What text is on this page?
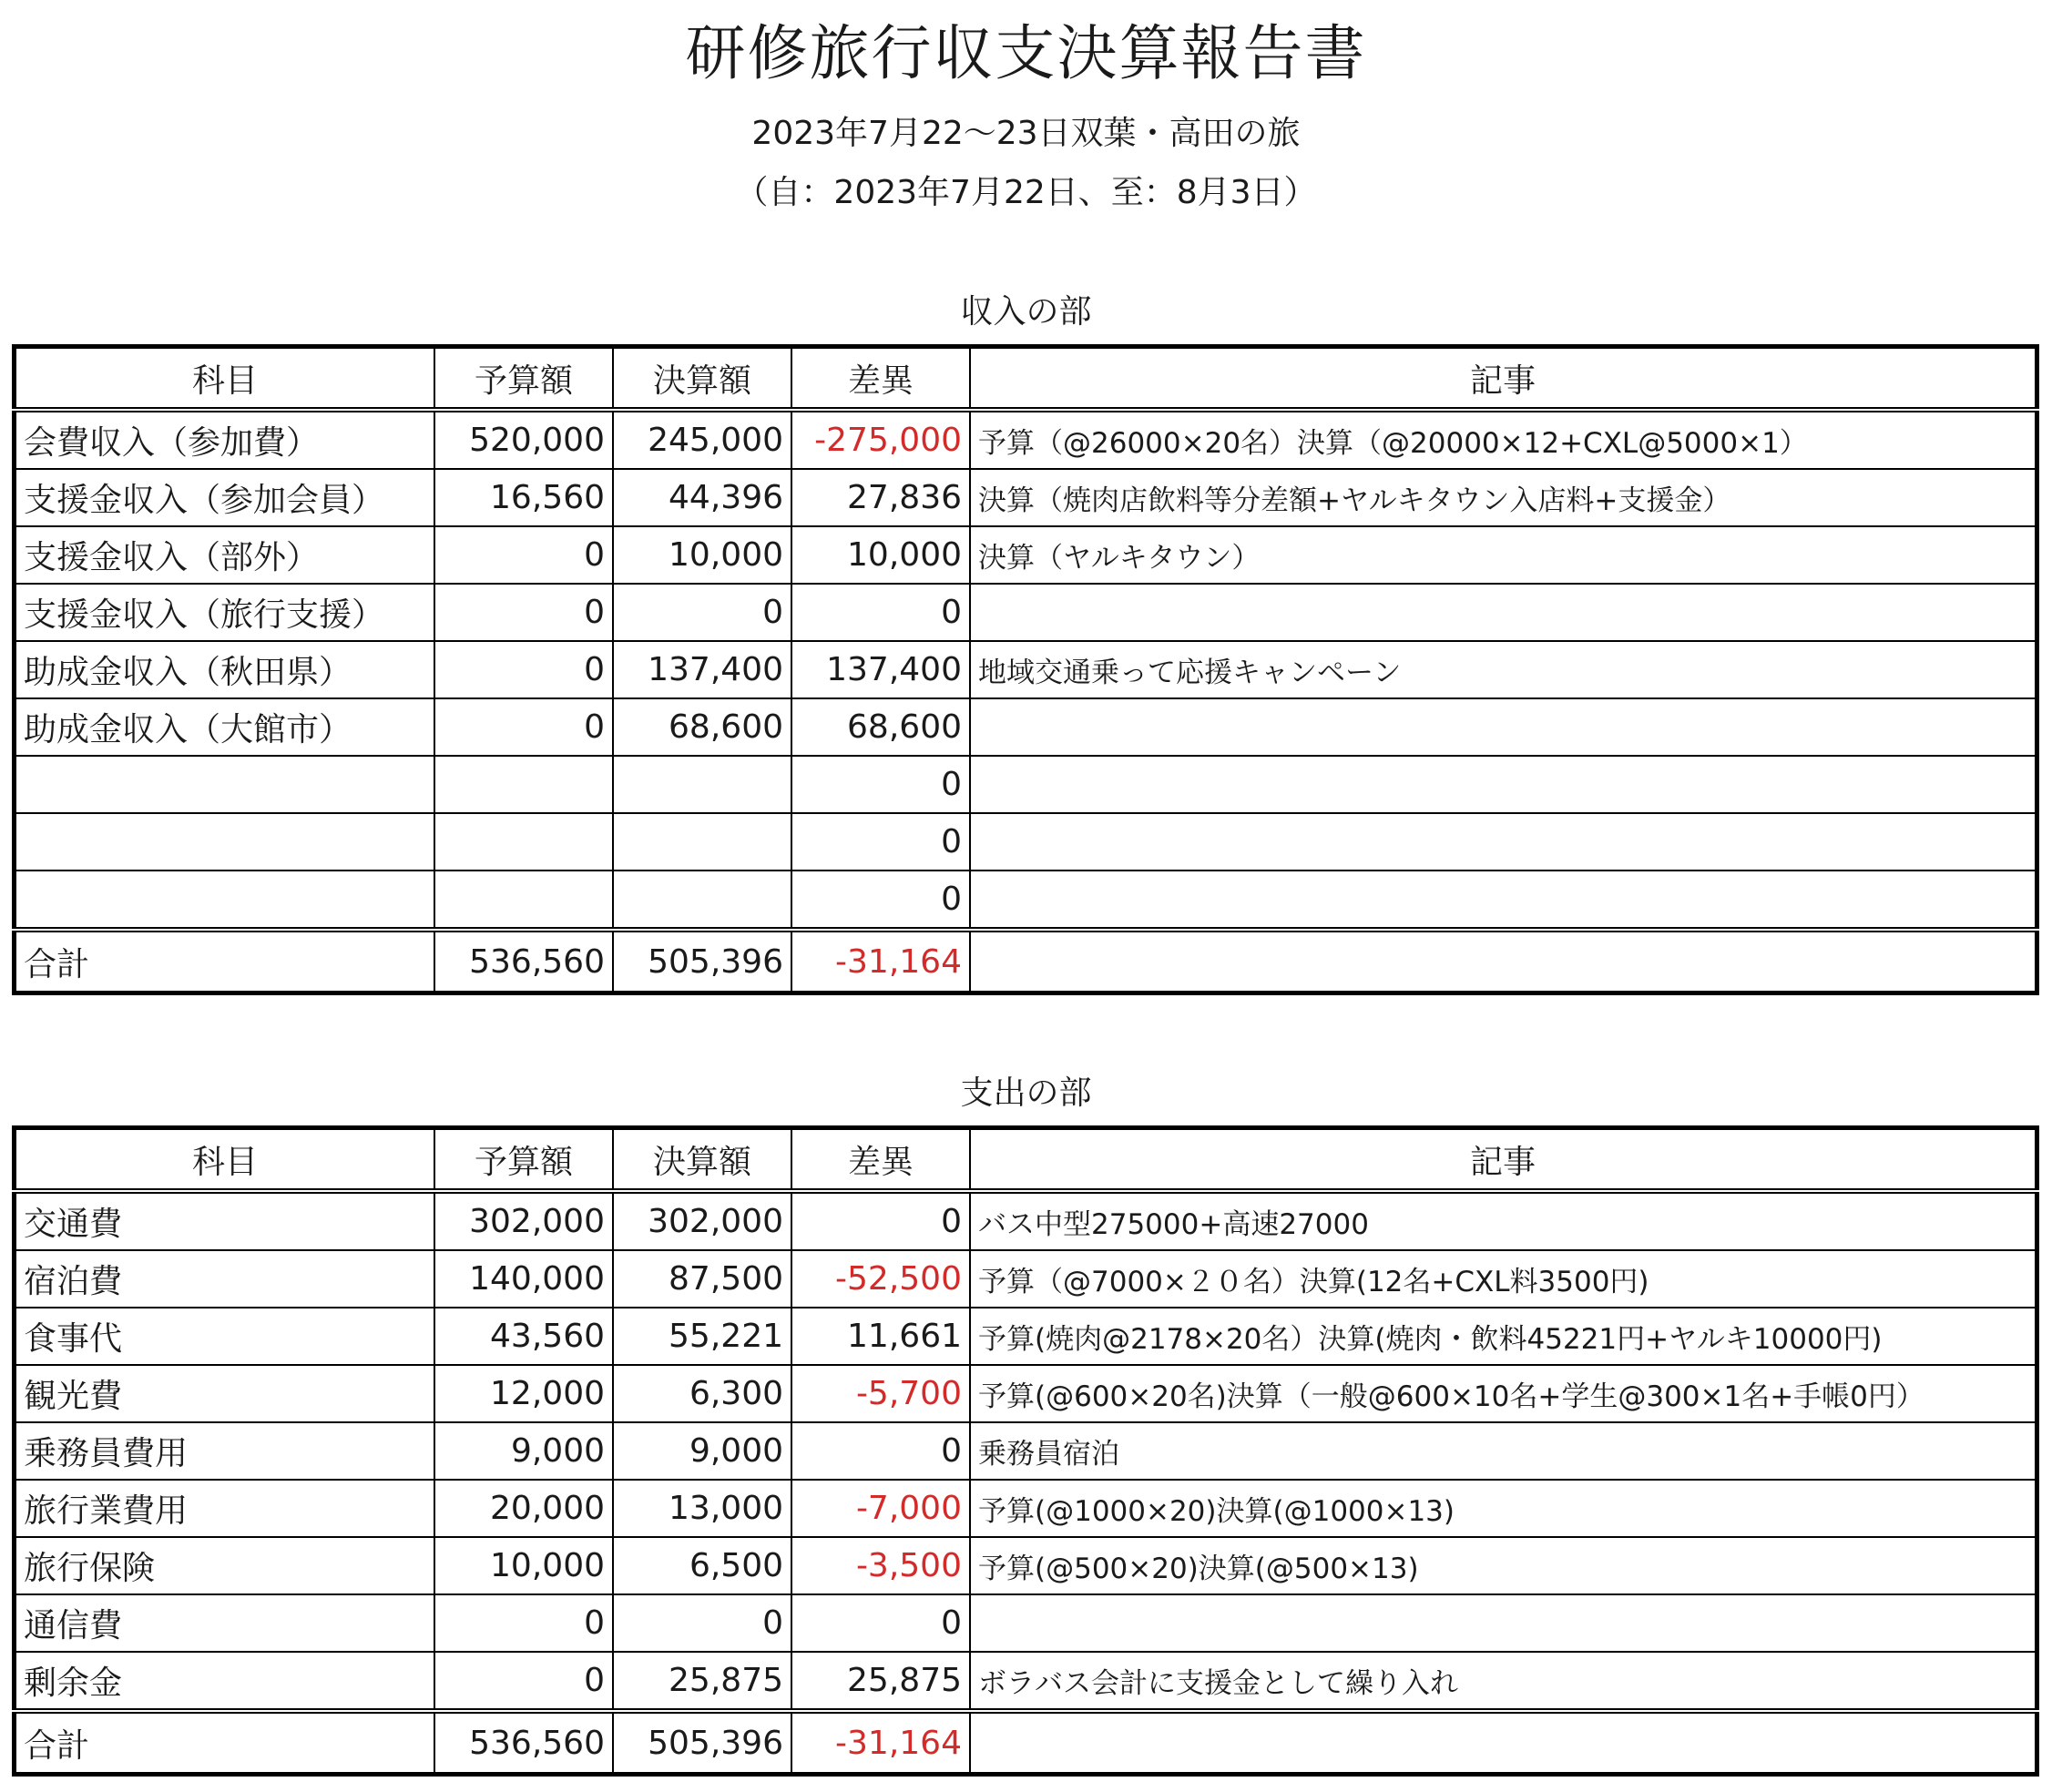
研修旅行収支決算報告書
2023年7月22〜23日双葉・高田の旅
（自：2023年7月22日、至：8月3日）
収入の部
科目	予算額	決算額	差異	記事
会費収入（参加費）	520,000	245,000	-275,000	予算（@26000×20名）決算（@20000×12+CXL@5000×1）
支援金収入（参加会員）	16,560	44,396	27,836	決算（焼肉店飲料等分差額+ヤルキタウン入店料+支援金）
支援金収入（部外）	0	10,000	10,000	決算（ヤルキタウン）
支援金収入（旅行支援）	0	0	0	
助成金収入（秋田県）	0	137,400	137,400	地域交通乗って応援キャンペーン
助成金収入（大館市）	0	68,600	68,600	
			0	
			0	
			0	
合計	536,560	505,396	-31,164	
支出の部
科目	予算額	決算額	差異	記事
交通費	302,000	302,000	0	バス中型275000+高速27000
宿泊費	140,000	87,500	-52,500	予算（@7000×２０名）決算(12名+CXL料3500円)
食事代	43,560	55,221	11,661	予算(焼肉@2178×20名）決算(焼肉・飲料45221円+ヤルキ10000円)
観光費	12,000	6,300	-5,700	予算(@600×20名)決算（一般@600×10名+学生@300×1名+手帳0円）
乗務員費用	9,000	9,000	0	乗務員宿泊
旅行業費用	20,000	13,000	-7,000	予算(@1000×20)決算(@1000×13)
旅行保険	10,000	6,500	-3,500	予算(@500×20)決算(@500×13)
通信費	0	0	0	
剰余金	0	25,875	25,875	ボラバス会計に支援金として繰り入れ
合計	536,560	505,396	-31,164	
